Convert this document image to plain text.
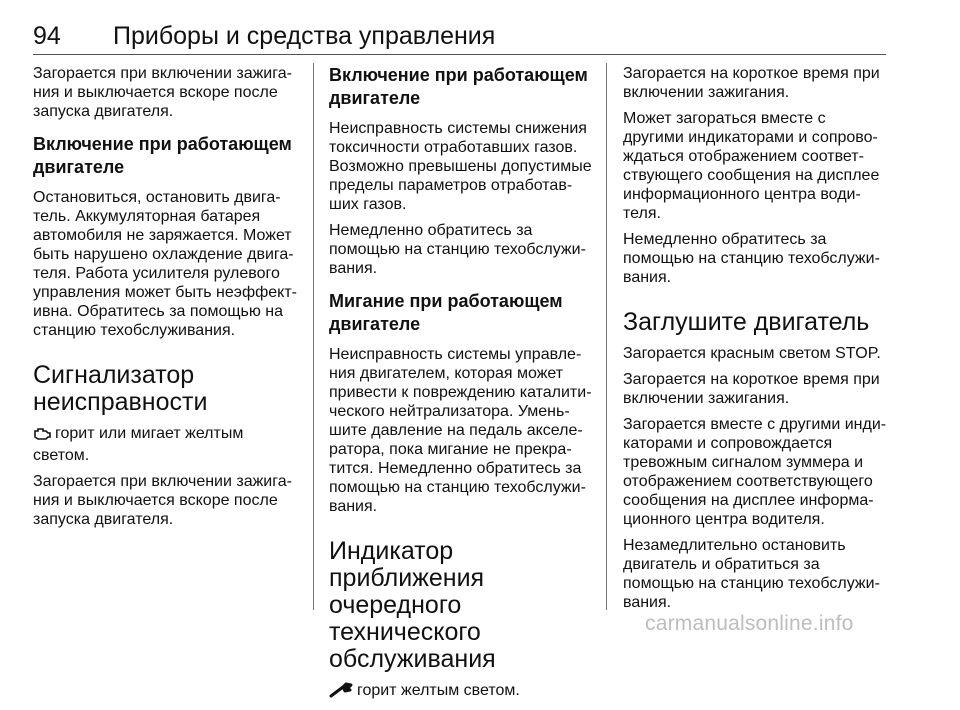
94 Приборы и средства управления

Загорается при включении зажига-ния и выключается вскоре после запуска двигателя.

Включение при работающем двигателе

Остановиться, остановить двига-тель. Аккумуляторная батарея автомобиля не заряжается. Может быть нарушено охлаждение двига-теля. Работа усилителя рулевого управления может быть неэффект-ивна. Обратитесь за помощью на станцию техобслуживания.

Сигнализатор неисправности

горит или мигает желтым светом.

Загорается при включении зажига-ния и выключается вскоре после запуска двигателя.

Включение при работающем двигателе

Неисправность системы снижения токсичности отработавших газов. Возможно превышены допустимые пределы параметров отработав-ших газов.

Немедленно обратитесь за помощью на станцию техобслужи-вания.

Мигание при работающем двигателе

Неисправность системы управле-ния двигателем, которая может привести к повреждению каталити-ческого нейтрализатора. Умень-шите давление на педаль акселе-ратора, пока мигание не прекра-тится. Немедленно обратитесь за помощью на станцию техобслужи-вания.

Индикатор приближения очередного технического обслуживания

горит желтым светом.

Загорается на короткое время при включении зажигания.

Может загораться вместе с другими индикаторами и сопрово-ждаться отображением соответ-ствующего сообщения на дисплее информационного центра води-теля.

Немедленно обратитесь за помощью на станцию техобслужи-вания.

Заглушите двигатель

Загорается красным светом STOP.

Загорается на короткое время при включении зажигания.

Загорается вместе с другими инди-каторами и сопровождается тревожным сигналом зуммера и отображением соответствующего сообщения на дисплее информа-ционного центра водителя.

Незамедлительно остановить двигатель и обратиться за помощью на станцию техобслужи-вания.

carmanualsonline.info
